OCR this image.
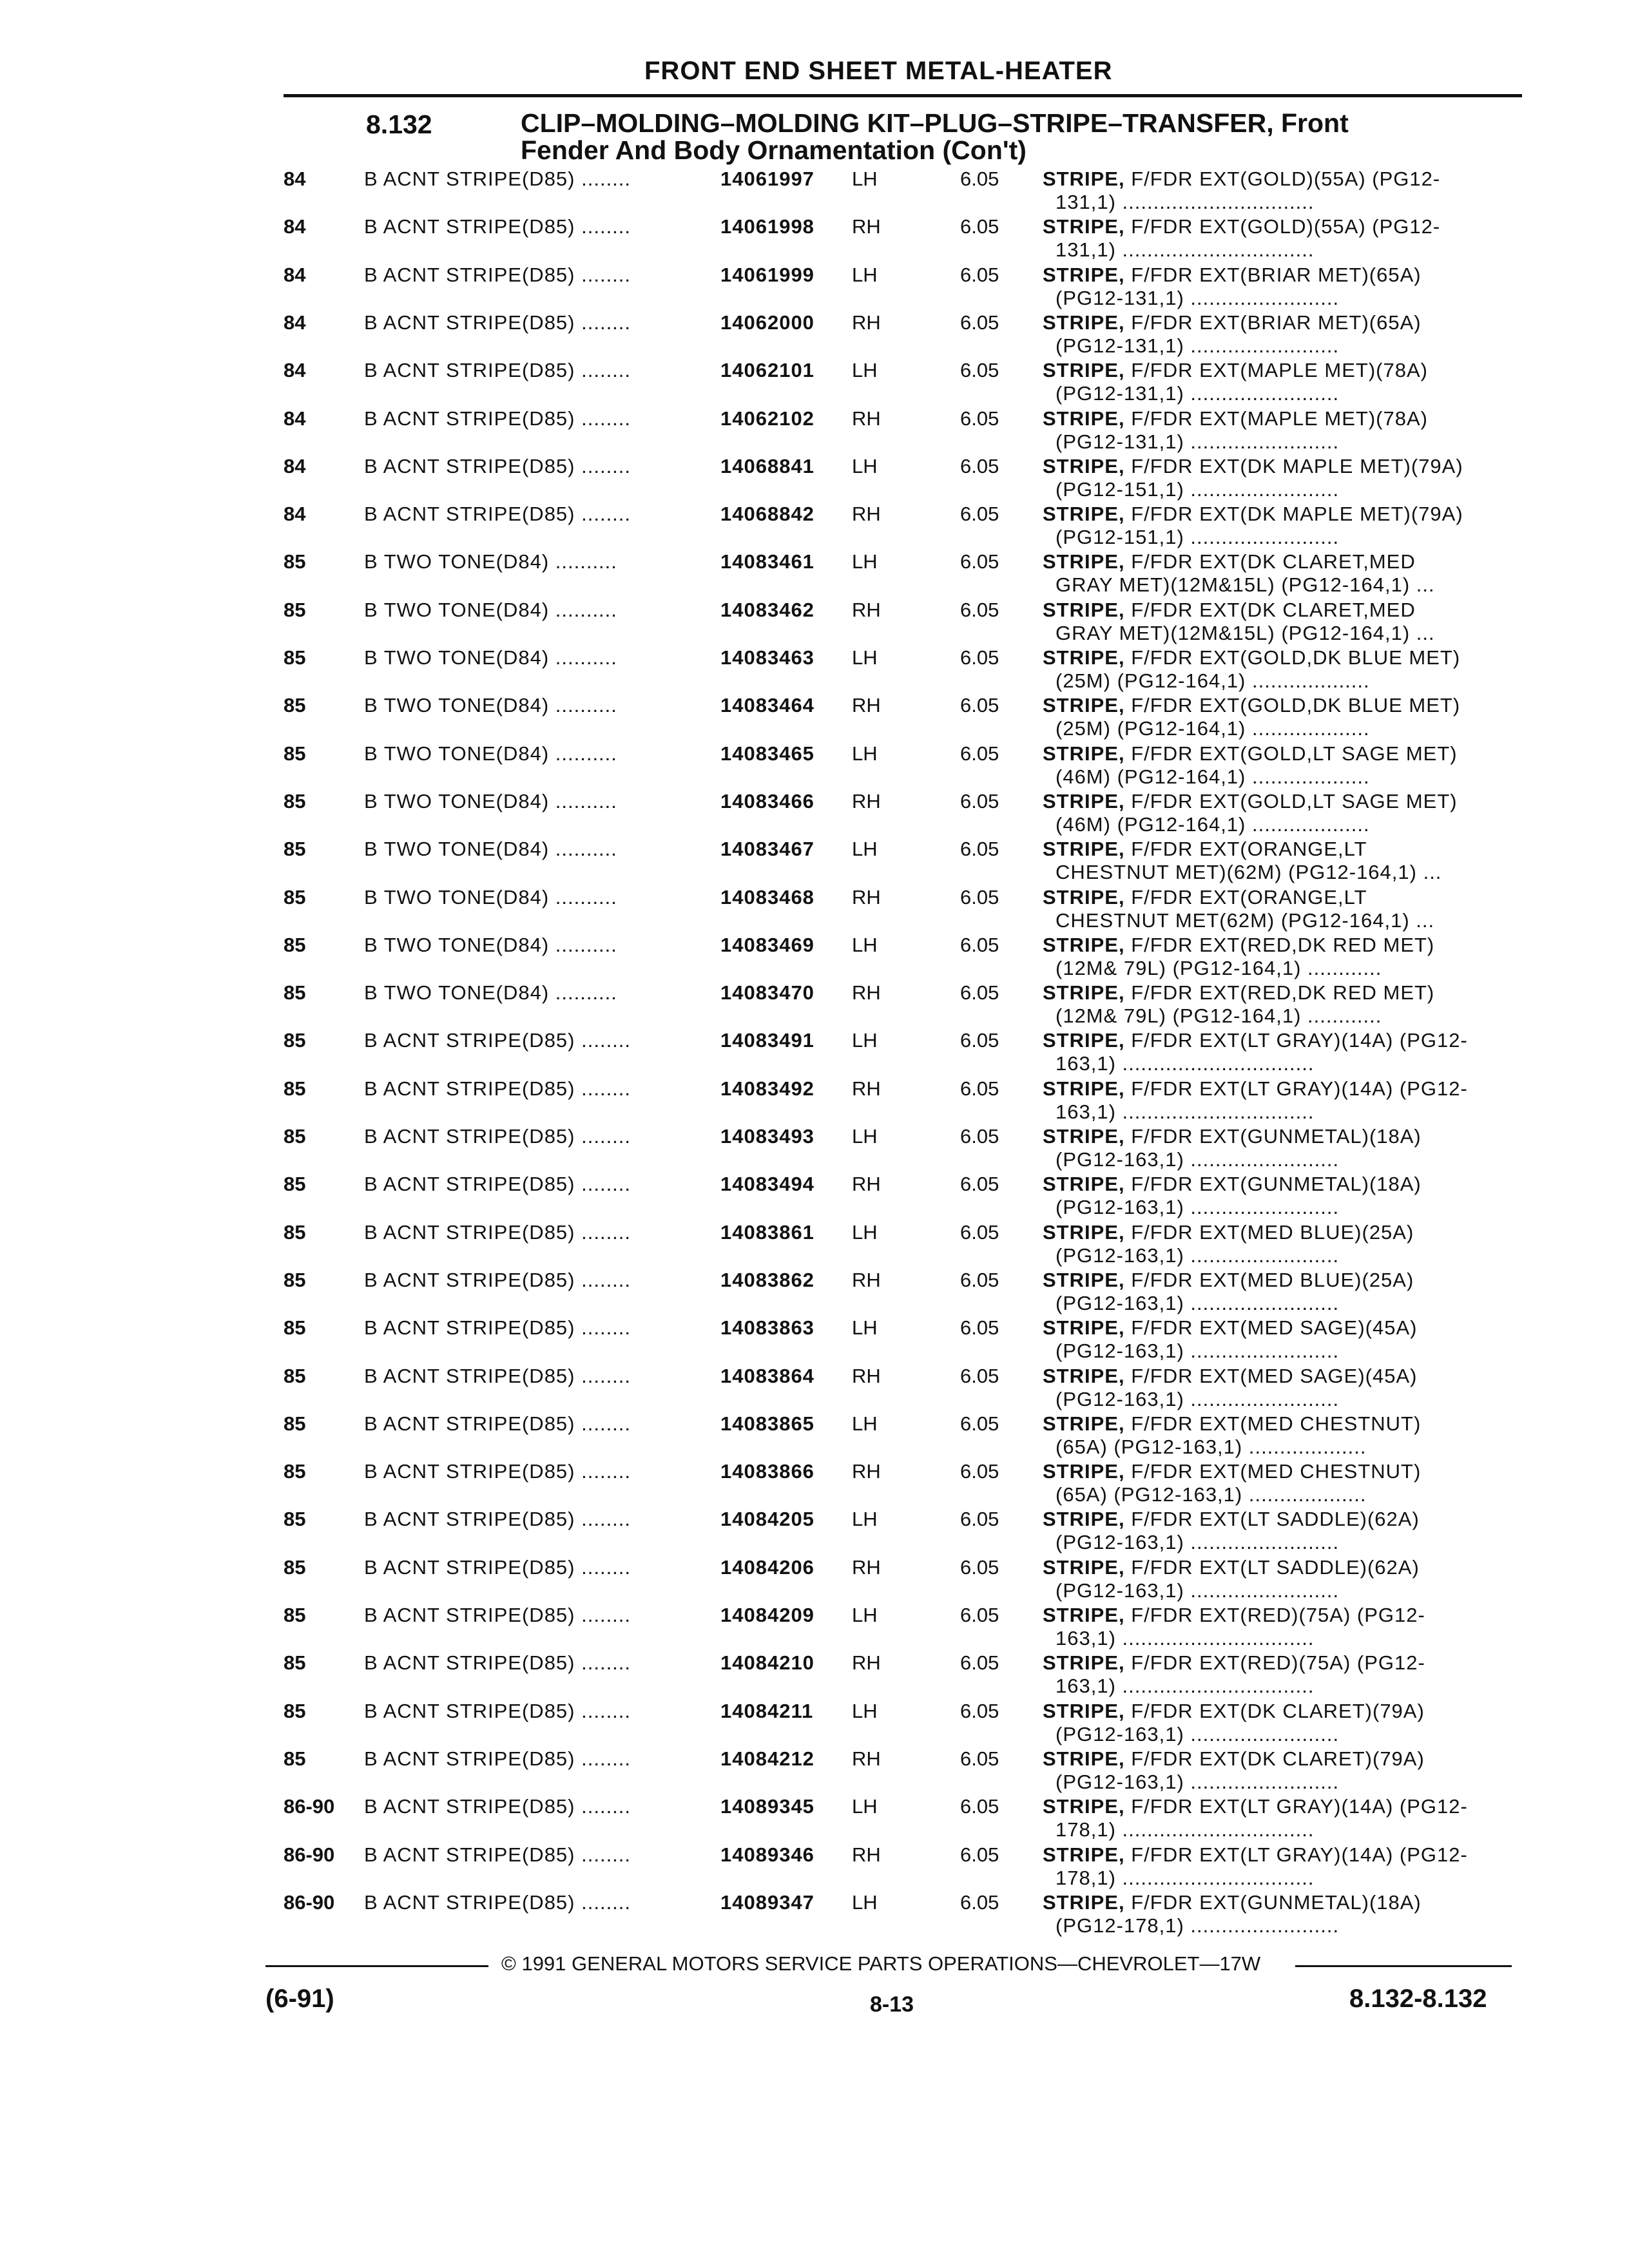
FRONT END SHEET METAL-HEATER
8.132	CLIP–MOLDING–MOLDING KIT–PLUG–STRIPE–TRANSFER, Front
Fender And Body Ornamentation (Con't)
84	B ACNT STRIPE(D85) ........	14061997 LH	6.05 STRIPE, F/FDR EXT(GOLD)(55A) (PG12-
131,1) ...............................
84	B ACNT STRIPE(D85) ........	14061998 RH	6.05 STRIPE, F/FDR EXT(GOLD)(55A) (PG12-
131,1) ...............................
84	B ACNT STRIPE(D85) ........	14061999 LH	6.05 STRIPE, F/FDR EXT(BRIAR MET)(65A)
(PG12-131,1) ........................
84	B ACNT STRIPE(D85) ........	14062000 RH	6.05 STRIPE, F/FDR EXT(BRIAR MET)(65A)
(PG12-131,1) ........................
84	B ACNT STRIPE(D85) ........	14062101 LH	6.05 STRIPE, F/FDR EXT(MAPLE MET)(78A)
(PG12-131,1) ........................
84	B ACNT STRIPE(D85) ........	14062102 RH	6.05 STRIPE, F/FDR EXT(MAPLE MET)(78A)
(PG12-131,1) ........................
84	B ACNT STRIPE(D85) ........	14068841 LH	6.05 STRIPE, F/FDR EXT(DK MAPLE MET)(79A)
(PG12-151,1) ........................
84	B ACNT STRIPE(D85) ........	14068842 RH	6.05 STRIPE, F/FDR EXT(DK MAPLE MET)(79A)
(PG12-151,1) ........................
85	B TWO TONE(D84) ..........	14083461 LH	6.05 STRIPE, F/FDR EXT(DK CLARET,MED
GRAY MET)(12M&15L) (PG12-164,1) ...
85	B TWO TONE(D84) ..........	14083462 RH	6.05 STRIPE, F/FDR EXT(DK CLARET,MED
GRAY MET)(12M&15L) (PG12-164,1) ...
85	B TWO TONE(D84) ..........	14083463 LH	6.05 STRIPE, F/FDR EXT(GOLD,DK BLUE MET)
(25M) (PG12-164,1) ...................
85	B TWO TONE(D84) ..........	14083464 RH	6.05 STRIPE, F/FDR EXT(GOLD,DK BLUE MET)
(25M) (PG12-164,1) ...................
85	B TWO TONE(D84) ..........	14083465 LH	6.05 STRIPE, F/FDR EXT(GOLD,LT SAGE MET)
(46M) (PG12-164,1) ...................
85	B TWO TONE(D84) ..........	14083466 RH	6.05 STRIPE, F/FDR EXT(GOLD,LT SAGE MET)
(46M) (PG12-164,1) ...................
85	B TWO TONE(D84) ..........	14083467 LH	6.05 STRIPE, F/FDR EXT(ORANGE,LT
CHESTNUT MET)(62M) (PG12-164,1) ...
85	B TWO TONE(D84) ..........	14083468 RH	6.05 STRIPE, F/FDR EXT(ORANGE,LT
CHESTNUT MET(62M) (PG12-164,1) ...
85	B TWO TONE(D84) ..........	14083469 LH	6.05 STRIPE, F/FDR EXT(RED,DK RED MET)
(12M& 79L) (PG12-164,1) ............
85	B TWO TONE(D84) ..........	14083470 RH	6.05 STRIPE, F/FDR EXT(RED,DK RED MET)
(12M& 79L) (PG12-164,1) ............
85	B ACNT STRIPE(D85) ........	14083491 LH	6.05 STRIPE, F/FDR EXT(LT GRAY)(14A) (PG12-
163,1) ...............................
85	B ACNT STRIPE(D85) ........	14083492 RH	6.05 STRIPE, F/FDR EXT(LT GRAY)(14A) (PG12-
163,1) ...............................
85	B ACNT STRIPE(D85) ........	14083493 LH	6.05 STRIPE, F/FDR EXT(GUNMETAL)(18A)
(PG12-163,1) ........................
85	B ACNT STRIPE(D85) ........	14083494 RH	6.05 STRIPE, F/FDR EXT(GUNMETAL)(18A)
(PG12-163,1) ........................
85	B ACNT STRIPE(D85) ........	14083861 LH	6.05 STRIPE, F/FDR EXT(MED BLUE)(25A)
(PG12-163,1) ........................
85	B ACNT STRIPE(D85) ........	14083862 RH	6.05 STRIPE, F/FDR EXT(MED BLUE)(25A)
(PG12-163,1) ........................
85	B ACNT STRIPE(D85) ........	14083863 LH	6.05 STRIPE, F/FDR EXT(MED SAGE)(45A)
(PG12-163,1) ........................
85	B ACNT STRIPE(D85) ........	14083864 RH	6.05 STRIPE, F/FDR EXT(MED SAGE)(45A)
(PG12-163,1) ........................
85	B ACNT STRIPE(D85) ........	14083865 LH	6.05 STRIPE, F/FDR EXT(MED CHESTNUT)
(65A) (PG12-163,1) ...................
85	B ACNT STRIPE(D85) ........	14083866 RH	6.05 STRIPE, F/FDR EXT(MED CHESTNUT)
(65A) (PG12-163,1) ...................
85	B ACNT STRIPE(D85) ........	14084205 LH	6.05 STRIPE, F/FDR EXT(LT SADDLE)(62A)
(PG12-163,1) ........................
85	B ACNT STRIPE(D85) ........	14084206 RH	6.05 STRIPE, F/FDR EXT(LT SADDLE)(62A)
(PG12-163,1) ........................
85	B ACNT STRIPE(D85) ........	14084209 LH	6.05 STRIPE, F/FDR EXT(RED)(75A) (PG12-
163,1) ...............................
85	B ACNT STRIPE(D85) ........	14084210 RH	6.05 STRIPE, F/FDR EXT(RED)(75A) (PG12-
163,1) ...............................
85	B ACNT STRIPE(D85) ........	14084211 LH	6.05 STRIPE, F/FDR EXT(DK CLARET)(79A)
(PG12-163,1) ........................
85	B ACNT STRIPE(D85) ........	14084212 RH	6.05 STRIPE, F/FDR EXT(DK CLARET)(79A)
(PG12-163,1) ........................
86-90 B ACNT STRIPE(D85) ........	14089345 LH	6.05 STRIPE, F/FDR EXT(LT GRAY)(14A) (PG12-
178,1) ...............................
86-90 B ACNT STRIPE(D85) ........	14089346 RH	6.05 STRIPE, F/FDR EXT(LT GRAY)(14A) (PG12-
178,1) ...............................
86-90 B ACNT STRIPE(D85) ........	14089347 LH	6.05 STRIPE, F/FDR EXT(GUNMETAL)(18A)
(PG12-178,1) ........................
© 1991 GENERAL MOTORS SERVICE PARTS OPERATIONS—CHEVROLET—17W
(6-91)	8-13	8.132-8.132
